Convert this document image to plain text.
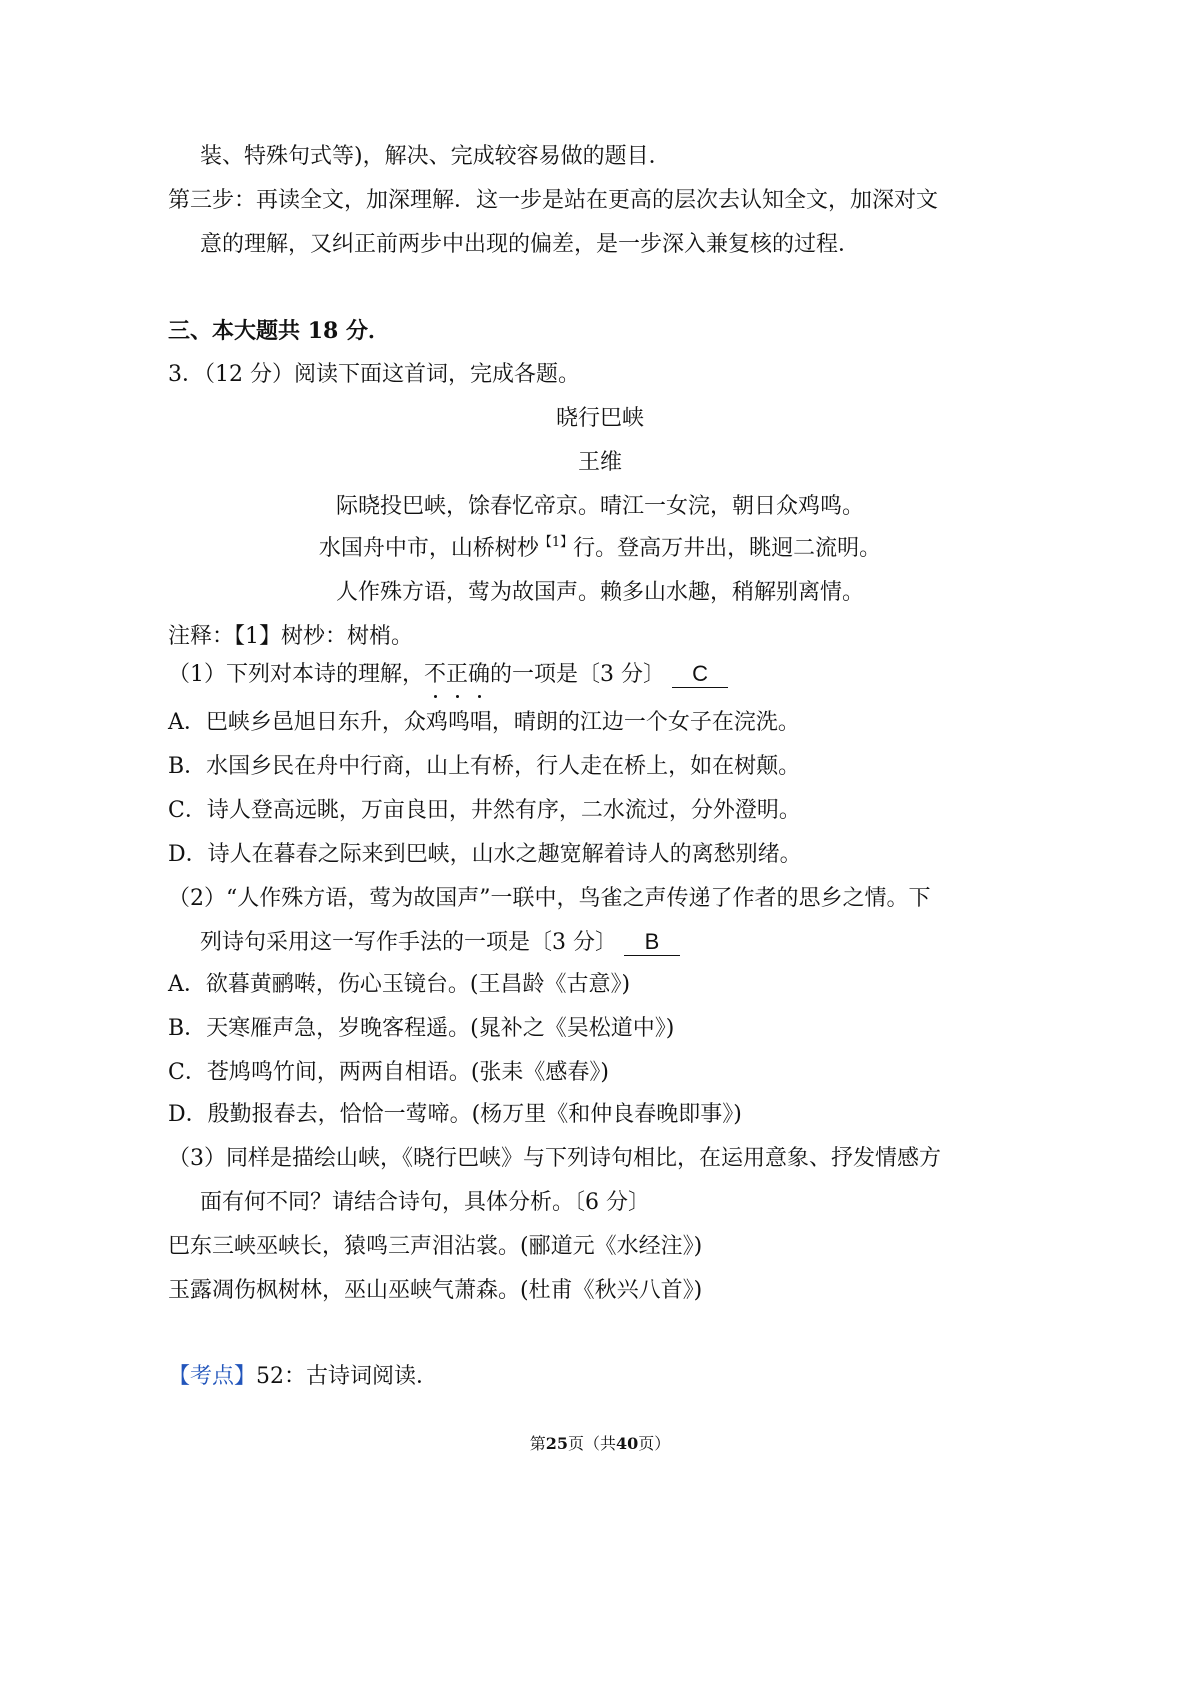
装、特殊句式等)，解决、完成较容易做的题目．
第三步：再读全文，加深理解．这一步是站在更高的层次去认知全文，加深对文
意的理解，又纠正前两步中出现的偏差，是一步深入兼复核的过程．
三、本大题共 18 分．
3．（12 分）阅读下面这首词，完成各题。
晓行巴峡
王维
际晓投巴峡，馀春忆帝京。晴江一女浣，朝日众鸡鸣。
水国舟中市，山桥树杪$^{【1】}$行。登高万井出，眺迥二流明。
人作殊方语，莺为故国声。赖多山水趣，稍解别离情。
注释：【1】树杪：树梢。
（1）下列对本诗的理解，不正确的一项是〔3 分〕 C
A．巴峡乡邑旭日东升，众鸡鸣唱，晴朗的江边一个女子在浣洗。
B．水国乡民在舟中行商，山上有桥，行人走在桥上，如在树颠。
C．诗人登高远眺，万亩良田，井然有序，二水流过，分外澄明。
D．诗人在暮春之际来到巴峡，山水之趣宽解着诗人的离愁别绪。
（2）“人作殊方语，莺为故国声”一联中，鸟雀之声传递了作者的思乡之情。下
列诗句采用这一写作手法的一项是〔3 分〕 B
A．欲暮黄鹂啭，伤心玉镜台。(王昌龄《古意》)
B．天寒雁声急，岁晚客程遥。(晁补之《吴松道中》)
C．苍鸠鸣竹间，两两自相语。(张耒《感春》)
D．殷勤报春去，恰恰一莺啼。(杨万里《和仲良春晚即事》)
（3）同样是描绘山峡，《晓行巴峡》与下列诗句相比，在运用意象、抒发情感方
面有何不同？请结合诗句，具体分析。〔6 分〕
巴东三峡巫峡长，猿鸣三声泪沾裳。(郦道元《水经注》)
玉露凋伤枫树林，巫山巫峡气萧森。(杜甫《秋兴八首》)
【考点】52：古诗词阅读．
第25页（共40页）
